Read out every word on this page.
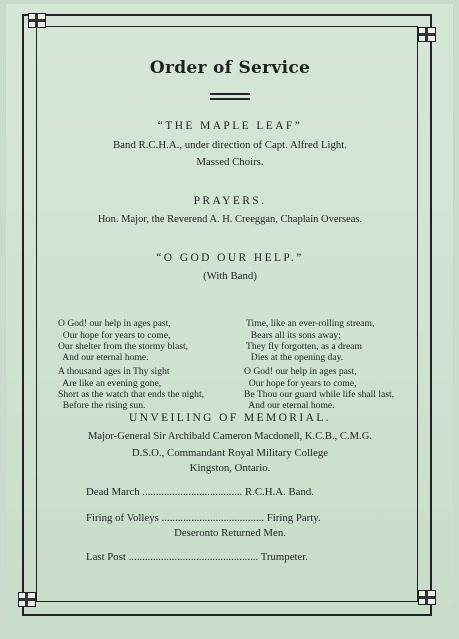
Order of Service
“THE MAPLE LEAF”
Band R.C.H.A., under direction of Capt. Alfred Light.
Massed Choirs.
PRAYERS.
Hon. Major, the Reverend A. H. Creeggan, Chaplain Overseas.
“O GOD OUR HELP.”
(With Band)

O God! our help in ages past,
Our hope for years to come,
Our shelter from the stormy blast,
And our eternal home.

A thousand ages in Thy sight
Are like an evening gone,
Short as the watch that ends the night,
Before the rising sun.

Time, like an ever-rolling stream,
Bears all its sons away;
They fly forgotten, as a dream
Dies at the opening day.

O God! our help in ages past,
Our hope for years to come,
Be Thou our guard while life shall last,
And our eternal home.

UNVEILING OF MEMORIAL.
Major-General Sir Archibald Cameron Macdonell, K.C.B., C.M.G.
D.S.O., Commandant Royal Military College
Kingston, Ontario.
Dead March ..................................... R.C.H.A. Band.
Firing of Volleys ...................................... Firing Party.
Deseronto Returned Men.
Last Post ................................................ Trumpeter.
